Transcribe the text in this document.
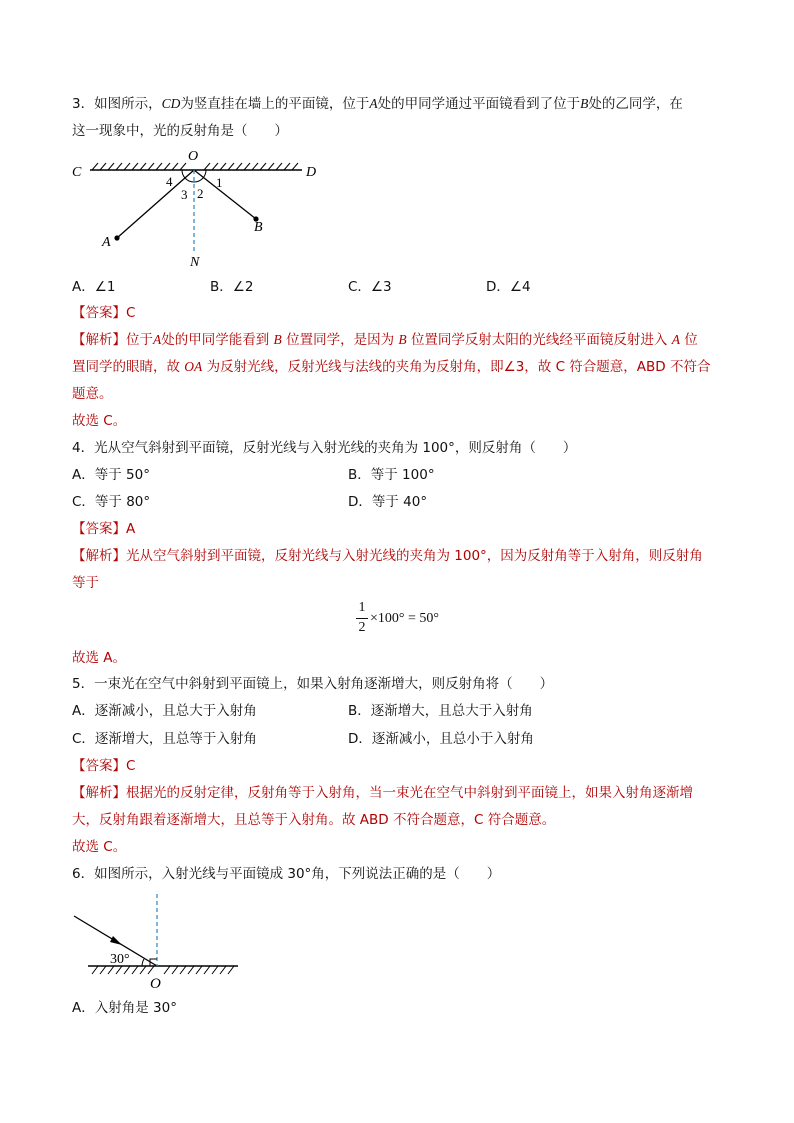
3．如图所示，CD为竖直挂在墙上的平面镜，位于A处的甲同学通过平面镜看到了位于B处的乙同学，在
这一现象中，光的反射角是（　　）
O
C	D
A
B
N
1
2
3
4
A．∠1	B．∠2	C．∠3	D．∠4
【答案】C
【解析】位于A处的甲同学能看到 B 位置同学，是因为 B 位置同学反射太阳的光线经平面镜反射进入 A 位
置同学的眼睛，故 OA 为反射光线，反射光线与法线的夹角为反射角，即∠3，故 C 符合题意，ABD 不符合
题意。
故选 C。
4．光从空气斜射到平面镜，反射光线与入射光线的夹角为 100°，则反射角（　　）
A．等于 50°	B．等于 100°
C．等于 80°	D．等于 40°
【答案】A
【解析】光从空气斜射到平面镜，反射光线与入射光线的夹角为 100°，因为反射角等于入射角，则反射角
等于
1
2
×100° = 50°
故选 A。
5．一束光在空气中斜射到平面镜上，如果入射角逐渐增大，则反射角将（　　）
A．逐渐减小，且总大于入射角	B．逐渐增大，且总大于入射角
C．逐渐增大，且总等于入射角	D．逐渐减小，且总小于入射角
【答案】C
【解析】根据光的反射定律，反射角等于入射角，当一束光在空气中斜射到平面镜上，如果入射角逐渐增
大，反射角跟着逐渐增大，且总等于入射角。故 ABD 不符合题意，C 符合题意。
故选 C。
6．如图所示，入射光线与平面镜成 30°角，下列说法正确的是（　　）
30°
O
A．入射角是 30°
